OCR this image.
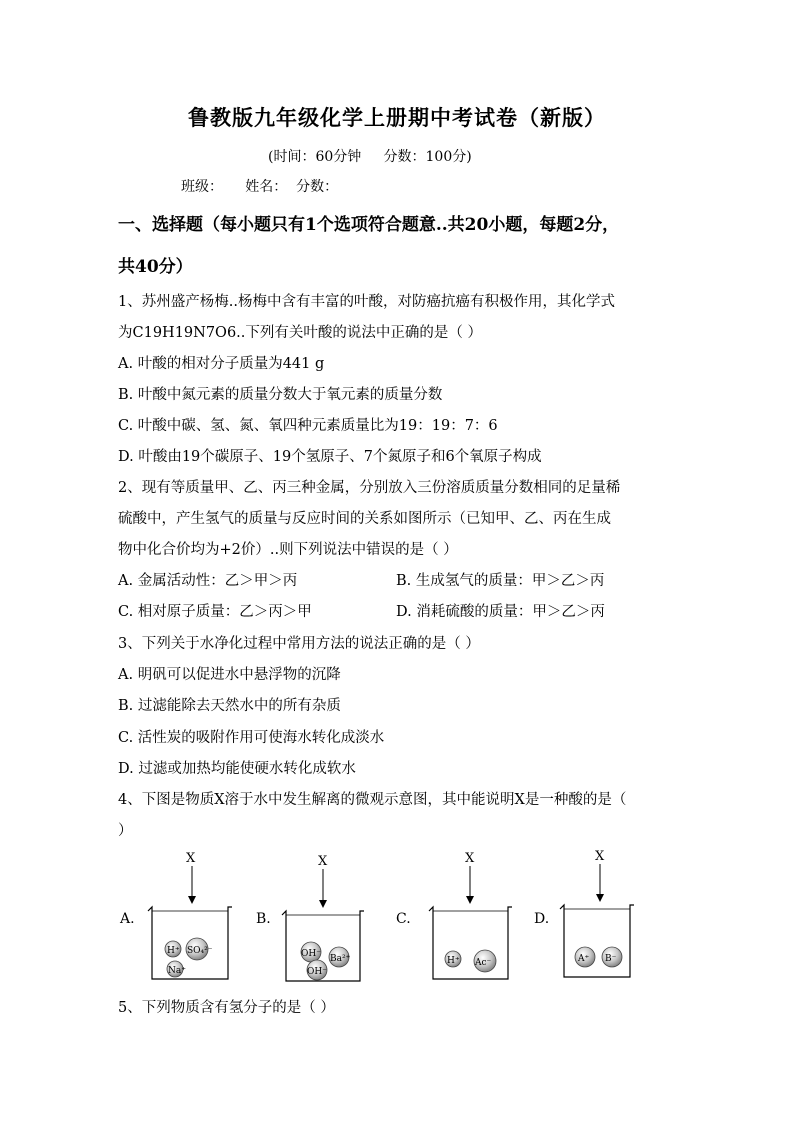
鲁教版九年级化学上册期中考试卷（新版）
(时间：60分钟     分数：100分)
班级：     姓名：  分数：
一、选择题（每小题只有1个选项符合题意..共20小题，每题2分，
共40分）
1、苏州盛产杨梅..杨梅中含有丰富的叶酸，对防癌抗癌有积极作用，其化学式
为C19H19N7O6..下列有关叶酸的说法中正确的是（ ）
A. 叶酸的相对分子质量为441 g
B. 叶酸中氮元素的质量分数大于氧元素的质量分数
C. 叶酸中碳、氢、氮、氧四种元素质量比为19：19：7：6
D. 叶酸由19个碳原子、19个氢原子、7个氮原子和6个氧原子构成
2、现有等质量甲、乙、丙三种金属，分别放入三份溶质质量分数相同的足量稀
硫酸中，产生氢气的质量与反应时间的关系如图所示（已知甲、乙、丙在生成
物中化合价均为+2价）..则下列说法中错误的是（ ）
A. 金属活动性：乙＞甲＞丙	B. 生成氢气的质量：甲＞乙＞丙
C. 相对原子质量：乙＞丙＞甲	D. 消耗硫酸的质量：甲＞乙＞丙
3、下列关于水净化过程中常用方法的说法正确的是（ ）
A. 明矾可以促进水中悬浮物的沉降
B. 过滤能除去天然水中的所有杂质
C. 活性炭的吸附作用可使海水转化成淡水
D. 过滤或加热均能使硬水转化成软水
4、下图是物质X溶于水中发生解离的微观示意图，其中能说明X是一种酸的是（
）
A.
X
H⁺ SO₄²⁻
Na⁺
B.
X
OH⁻ Ba²⁺
OH⁻
C.
X
H⁺ Ac⁻
D.
X
A⁺ B⁻
5、下列物质含有氢分子的是（ ）
